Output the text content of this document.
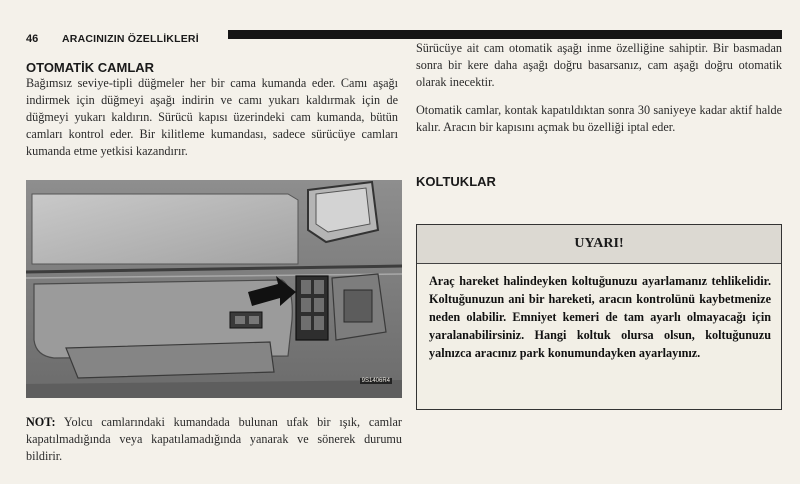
46 ARACINIZIN ÖZELLİKLERİ
OTOMATİK CAMLAR

Bağımsız seviye-tipli düğmeler her bir cama kumanda eder. Camı aşağı indirmek için düğmeyi aşağı indirin ve camı yukarı kaldırmak için de düğmeyi yukarı kaldırın. Sürücü kapısı üzerindeki cam kumanda, bütün camları kontrol eder. Bir kilitleme kumandası, sadece sürücüye camları kumanda etme yetkisi kazandırır.

9S1406R4

NOT: Yolcu camlarındaki kumandada bulunan ufak bir ışık, camlar kapatılmadığında veya kapatılamadığında yanarak ve sönerek durumu bildirir.

Sürücüye ait cam otomatik aşağı inme özelliğine sahiptir. Bir basmadan sonra bir kere daha aşağı doğru basarsanız, cam aşağı doğru otomatik olarak inecektir.

Otomatik camlar, kontak kapatıldıktan sonra 30 saniyeye kadar aktif halde kalır. Aracın bir kapısını açmak bu özelliği iptal eder.

KOLTUKLAR
UYARI!

Araç hareket halindeyken koltuğunuzu ayarlamanız tehlikelidir. Koltuğunuzun ani bir hareketi, aracın kontrolünü kaybetmenize neden olabilir. Emniyet kemeri de tam ayarlı olmayacağı için yaralanabilirsiniz. Hangi koltuk olursa olsun, koltuğunuzu yalnızca aracınız park konumundayken ayarlayınız.
